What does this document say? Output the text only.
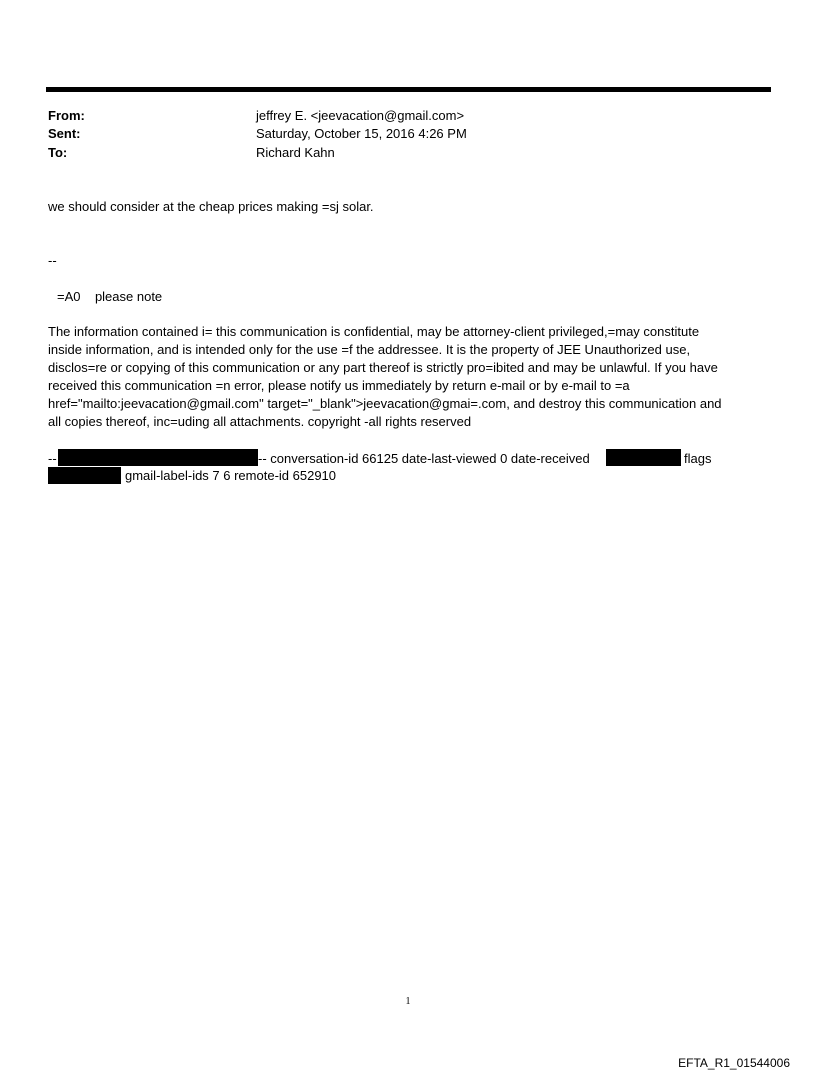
From:	jeffrey E. <jeevacation@gmail.com>
Sent:	Saturday, October 15, 2016 4:26 PM
To:	Richard Kahn
we should consider at the cheap prices making =sj solar.
--
=A0    please note
The information contained i= this communication is confidential, may be attorney-client privileged,=may constitute
inside information, and is intended only for the use =f the addressee. It is the property of JEE Unauthorized use,
disclos=re or copying of this communication or any part thereof is strictly pro=ibited and may be unlawful. If you have
received this communication =n error, please notify us immediately by return e-mail or by e-mail to =a
href="mailto:jeevacation@gmail.com" target="_blank">jeevacation@gmai=.com, and destroy this communication and
all copies thereof, inc=uding all attachments. copyright -all rights reserved
--	-- conversation-id 66125 date-last-viewed 0 date-received	flags
gmail-label-ids 7 6 remote-id 652910
1
EFTA_R1_01544006
